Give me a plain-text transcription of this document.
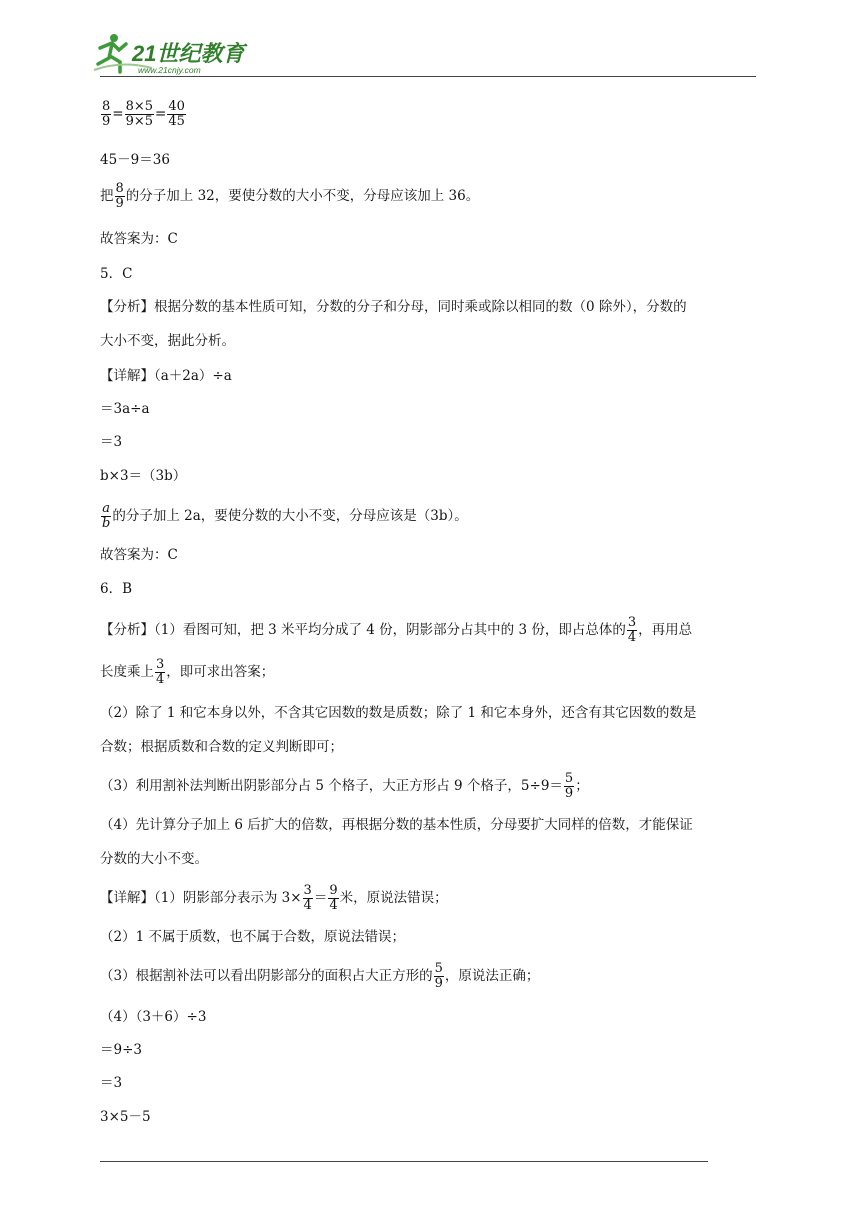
21世纪教育
www.21cnjy.com
$\frac{8}{9} = \frac{8\times 5}{9\times 5} = \frac{40}{45}$
45－9＝36
把 $\frac{8}{9}$ 的分子加上 32，要使分数的大小不变，分母应该加上 36。
故答案为：C
5．C
【分析】根据分数的基本性质可知，分数的分子和分母，同时乘或除以相同的数（0 除外），分数的
大小不变，据此分析。
【详解】（a＋2a）÷a
＝3a÷a
＝3
b×3＝（3b）
$\frac{a}{b}$ 的分子加上 2a，要使分数的大小不变，分母应该是（3b）。
故答案为：C
6．B
【分析】（1）看图可知，把 3 米平均分成了 4 份，阴影部分占其中的 3 份，即占总体的 $\frac{3}{4}$ ，再用总
长度乘上 $\frac{3}{4}$ ，即可求出答案；
（2）除了 1 和它本身以外，不含其它因数的数是质数；除了 1 和它本身外，还含有其它因数的数是
合数；根据质数和合数的定义判断即可；
（3）利用割补法判断出阴影部分占 5 个格子，大正方形占 9 个格子，$5\div 9= \frac{5}{9}$ ；
（4）先计算分子加上 6 后扩大的倍数，再根据分数的基本性质，分母要扩大同样的倍数，才能保证
分数的大小不变。
【详解】（1）阴影部分表示为 $3\times \frac{3}{4} = \frac{9}{4}$ 米，原说法错误；
（2）1 不属于质数，也不属于合数，原说法错误；
（3）根据割补法可以看出阴影部分的面积占大正方形的 $\frac{5}{9}$ ，原说法正确；
（4）（3＋6）÷3
＝9÷3
＝3
3×5－5
